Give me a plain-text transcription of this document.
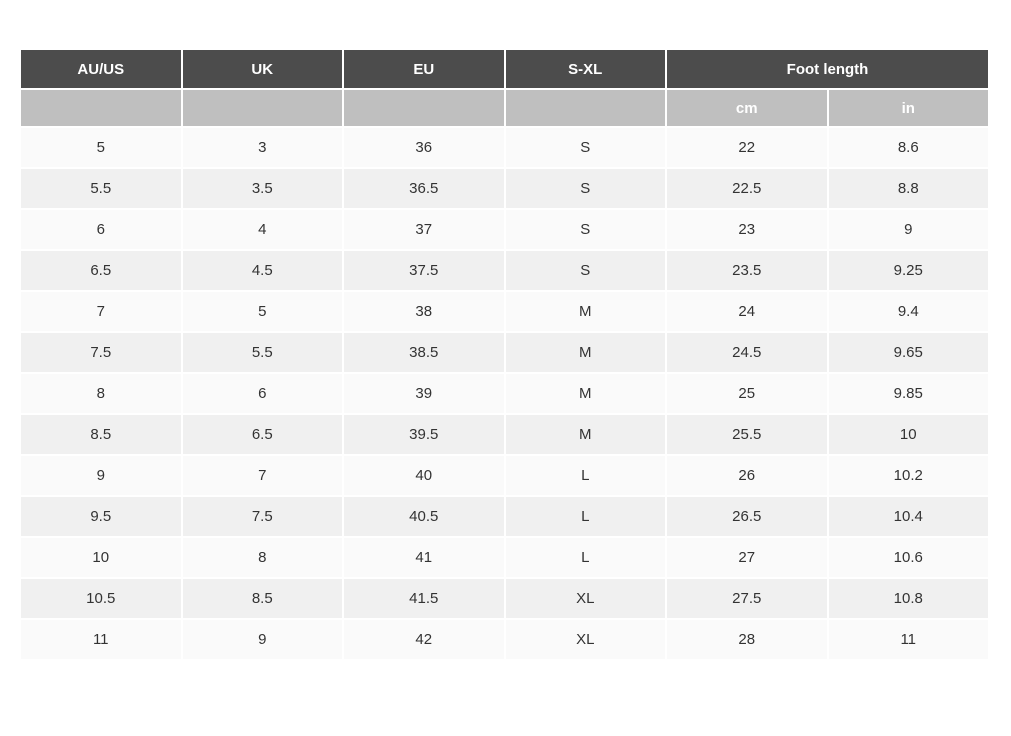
AU/US	UK	EU	S-XL	Foot length	
				cm	in
5	3	36	S	22	8.6
5.5	3.5	36.5	S	22.5	8.8
6	4	37	S	23	9
6.5	4.5	37.5	S	23.5	9.25
7	5	38	M	24	9.4
7.5	5.5	38.5	M	24.5	9.65
8	6	39	M	25	9.85
8.5	6.5	39.5	M	25.5	10
9	7	40	L	26	10.2
9.5	7.5	40.5	L	26.5	10.4
10	8	41	L	27	10.6
10.5	8.5	41.5	XL	27.5	10.8
11	9	42	XL	28	11
